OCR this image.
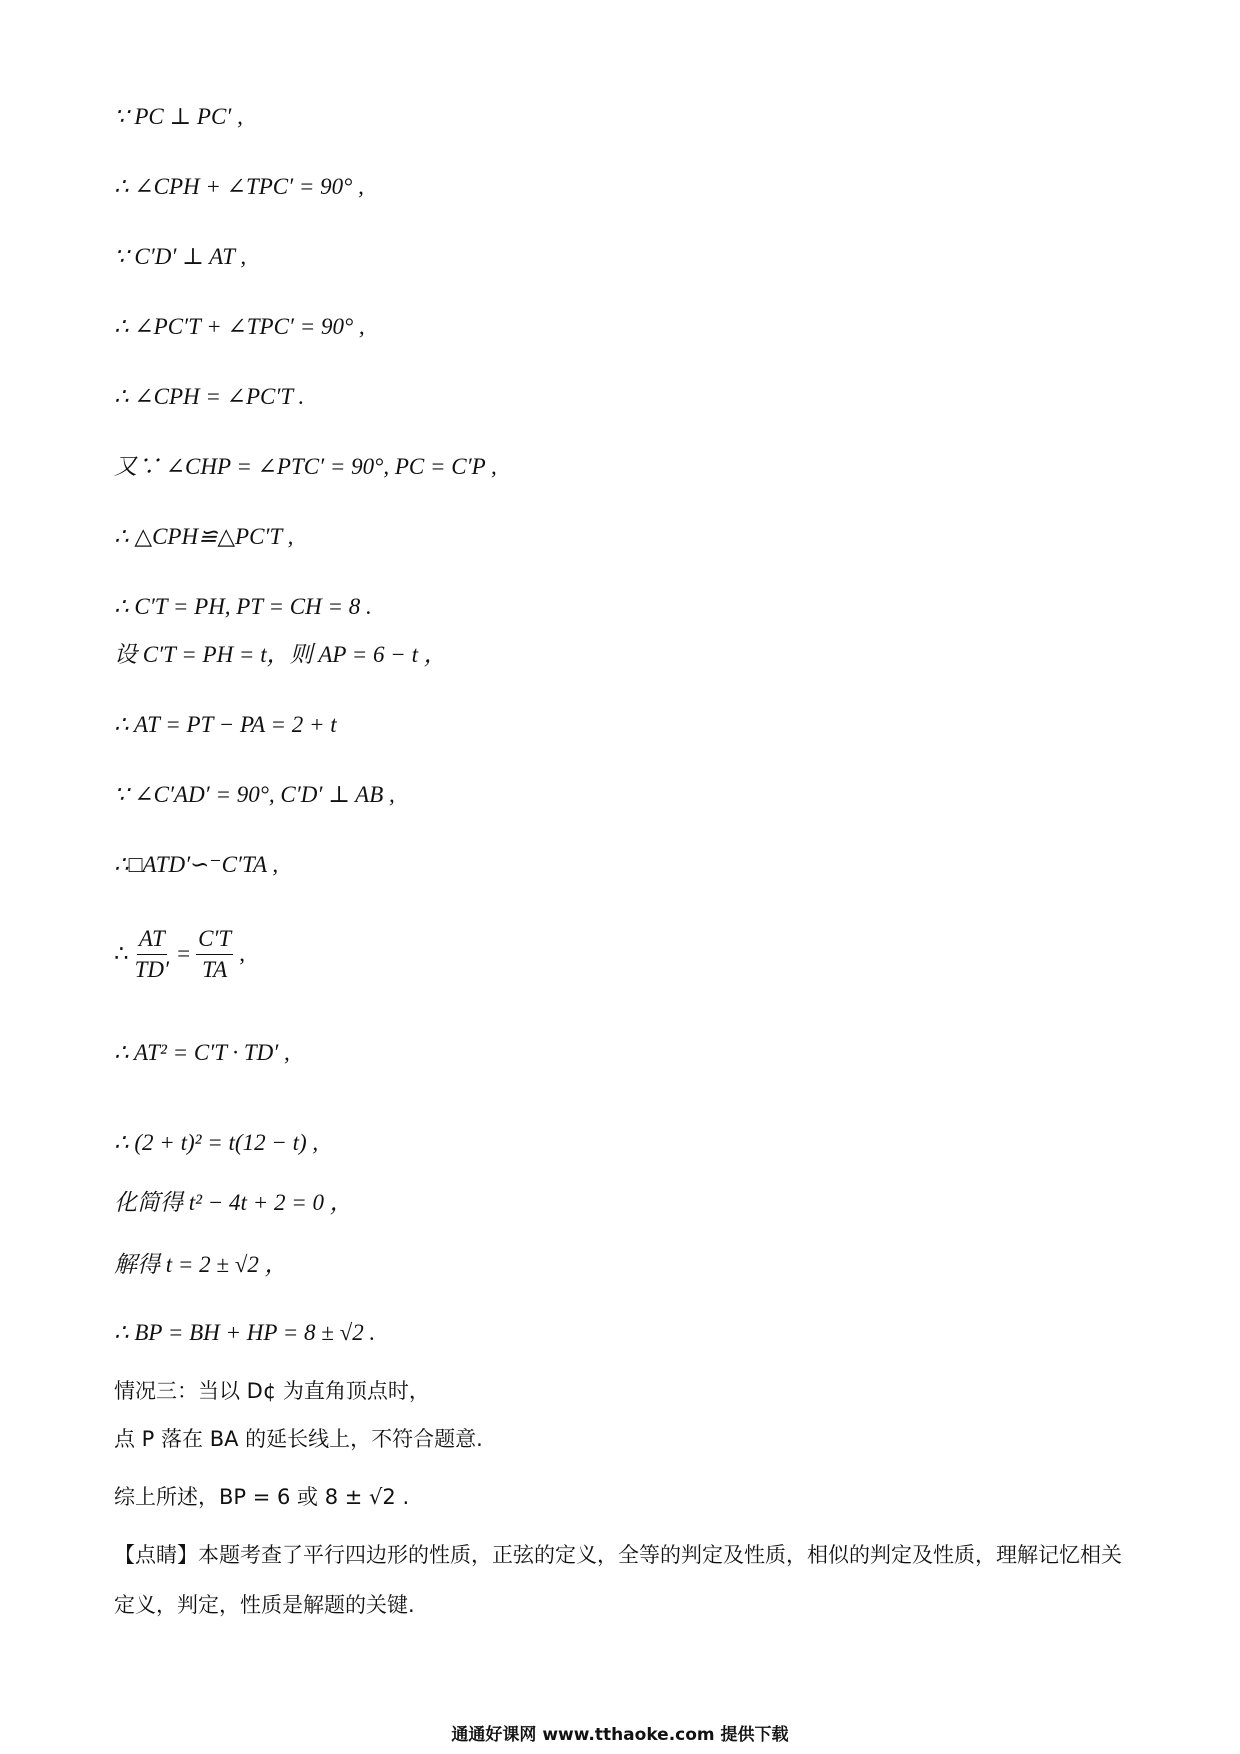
∵ PC ⊥ PC′ ,
∴ ∠CPH + ∠TPC′ = 90° ,
∵ C′D′ ⊥ AT ,
∴ ∠PC′T + ∠TPC′ = 90° ,
∴ ∠CPH = ∠PC′T .
又∵ ∠CHP = ∠PTC′ = 90°, PC = C′P ,
∴ △CPH≌△PC′T ,
∴ C′T = PH, PT = CH = 8 .
设 C′T = PH = t，则 AP = 6 − t ，
∴ AT = PT − PA = 2 + t
∵ ∠C′AD′ = 90°, C′D′ ⊥ AB ,
∴□ATD′∽⁻C′TA ,
∴ $\frac{AT}{TD'} = \frac{C'T}{TA}$ ,
∴ AT² = C′T · TD′ ,
∴ (2 + t)² = t(12 − t) ,
化简得 t² − 4t + 2 = 0 ，
解得 t = 2 ± √2 ，
∴ BP = BH + HP = 8 ± √2 .
情况三：当以 D¢ 为直角顶点时，
点 P 落在 BA 的延长线上，不符合题意.
综上所述，BP = 6 或 8 ± √2 .
【点睛】本题考查了平行四边形的性质，正弦的定义，全等的判定及性质，相似的判定及性质，理解记忆相关定义，判定，性质是解题的关键.
通通好课网 www.tthaoke.com 提供下载
